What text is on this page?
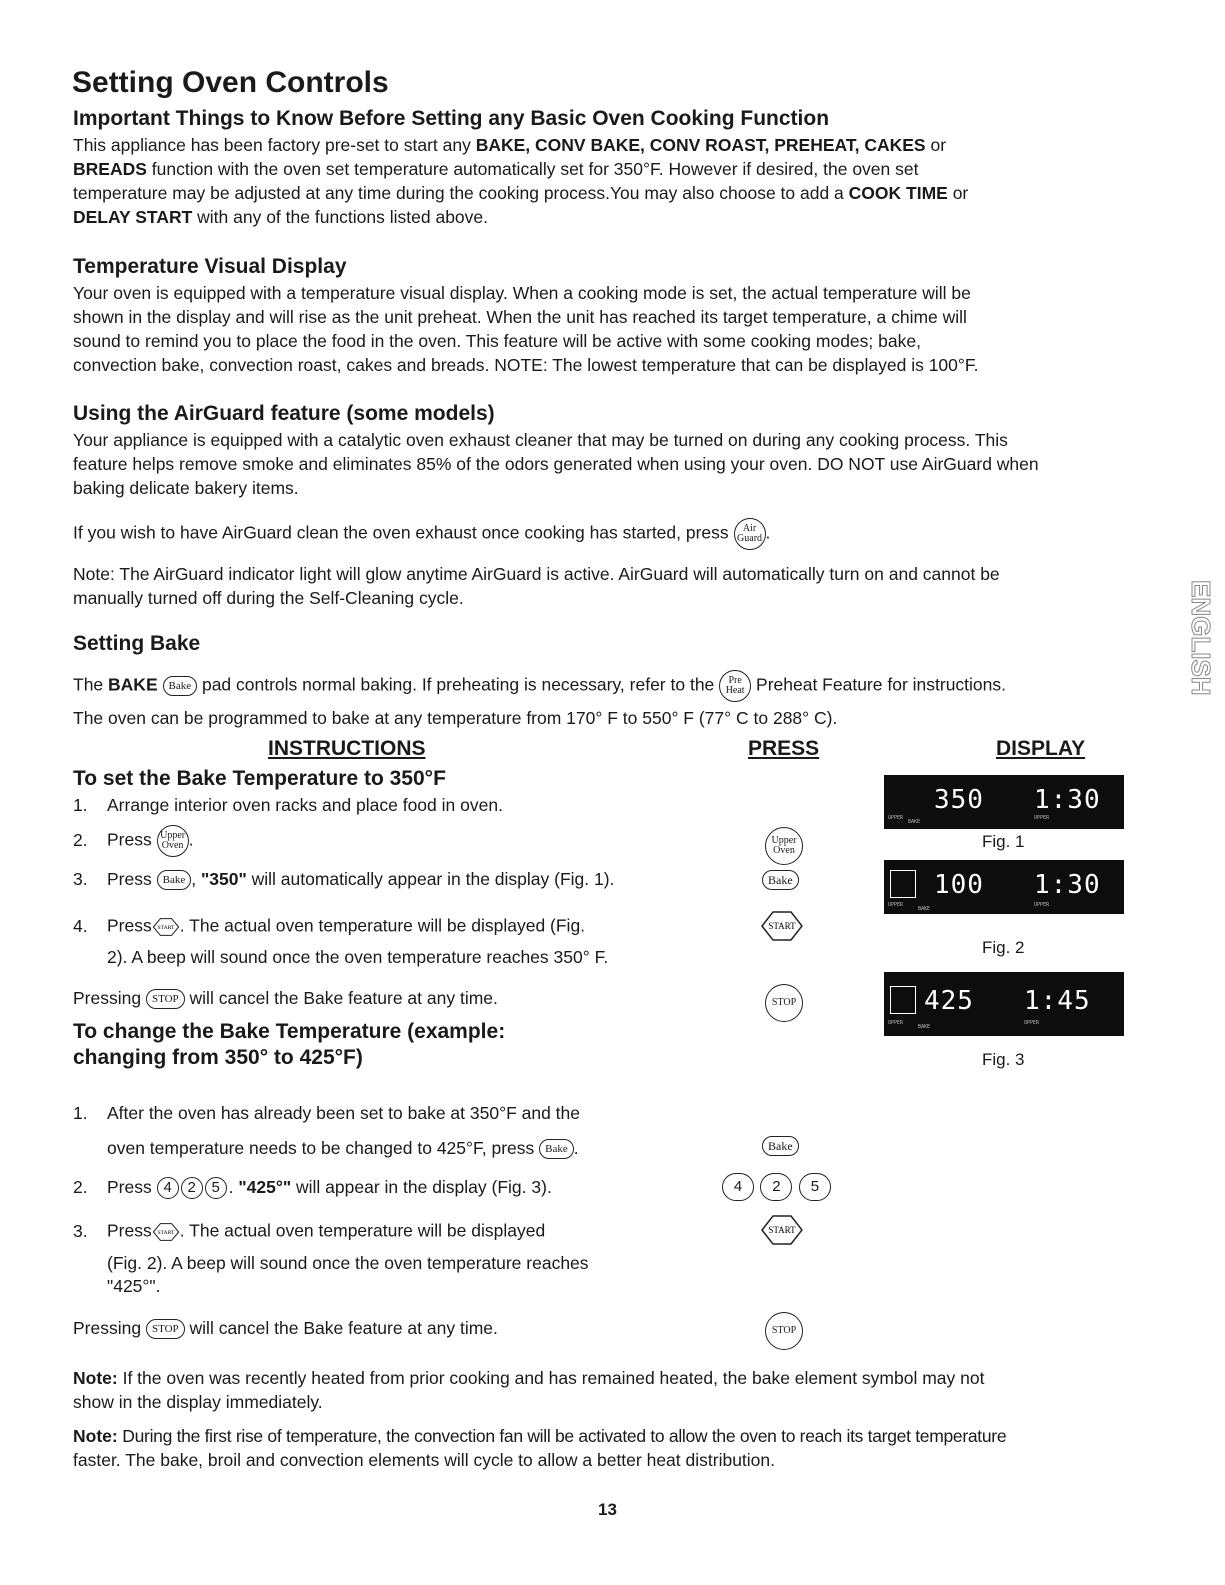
Setting Oven Controls
Important Things to Know Before Setting any Basic Oven Cooking Function
This appliance has been factory pre-set to start any BAKE, CONV BAKE, CONV ROAST, PREHEAT, CAKES or
BREADS function with the oven set temperature automatically set for 350°F. However if desired, the oven set
temperature may be adjusted at any time during the cooking process.You may also choose to add a COOK TIME or
DELAY START with any of the functions listed above.
Temperature Visual Display
Your oven is equipped with a temperature visual display. When a cooking mode is set, the actual temperature will be
shown in the display and will rise as the unit preheat. When the unit has reached its target temperature, a chime will
sound to remind you to place the food in the oven. This feature will be active with some cooking modes; bake,
convection bake, convection roast, cakes and breads. NOTE: The lowest temperature that can be displayed is 100°F.
Using the AirGuard feature (some models)
Your appliance is equipped with a catalytic oven exhaust cleaner that may be turned on during any cooking process. This
feature helps remove smoke and eliminates 85% of the odors generated when using your oven. DO NOT use AirGuard when
baking delicate bakery items.
If you wish to have AirGuard clean the oven exhaust once cooking has started, press Air
Guard .
Note: The AirGuard indicator light will glow anytime AirGuard is active. AirGuard will automatically turn on and cannot be
manually turned off during the Self-Cleaning cycle.
Setting Bake
The BAKE Bake pad controls normal baking. If preheating is necessary, refer to the Pre
Heat Preheat Feature for instructions.
The oven can be programmed to bake at any temperature from 170° F to 550° F (77° C to 288° C).
INSTRUCTIONS	PRESS	DISPLAY
To set the Bake Temperature to 350°F
1. Arrange interior oven racks and place food in oven.
2. Press Upper
Oven .
3. Press Bake , "350" will automatically appear in the display (Fig. 1).
4. Press START . The actual oven temperature will be displayed (Fig.
2). A beep will sound once the oven temperature reaches 350° F.
Pressing STOP will cancel the Bake feature at any time.
Upper
Oven
Bake
START
STOP
350 1:30
UPPER
BAKE
UPPER
Fig. 1
100 1:30
UPPER
BAKE
UPPER
Fig. 2
425 1:45
UPPER
BAKE
UPPER
Fig. 3
To change the Bake Temperature (example:
changing from 350° to 425°F)
1. After the oven has already been set to bake at 350°F and the
oven temperature needs to be changed to 425°F, press Bake .
2. Press 4 2 5 . "425°" will appear in the display (Fig. 3).
3. Press START . The actual oven temperature will be displayed
(Fig. 2). A beep will sound once the oven temperature reaches
"425°".
Pressing STOP will cancel the Bake feature at any time.
Bake
4 2 5
START
STOP
Note: If the oven was recently heated from prior cooking and has remained heated, the bake element symbol may not
show in the display immediately.
Note: During the first rise of temperature, the convection fan will be activated to allow the oven to reach its target temperature
faster. The bake, broil and convection elements will cycle to allow a better heat distribution.
13
ENGLISH
